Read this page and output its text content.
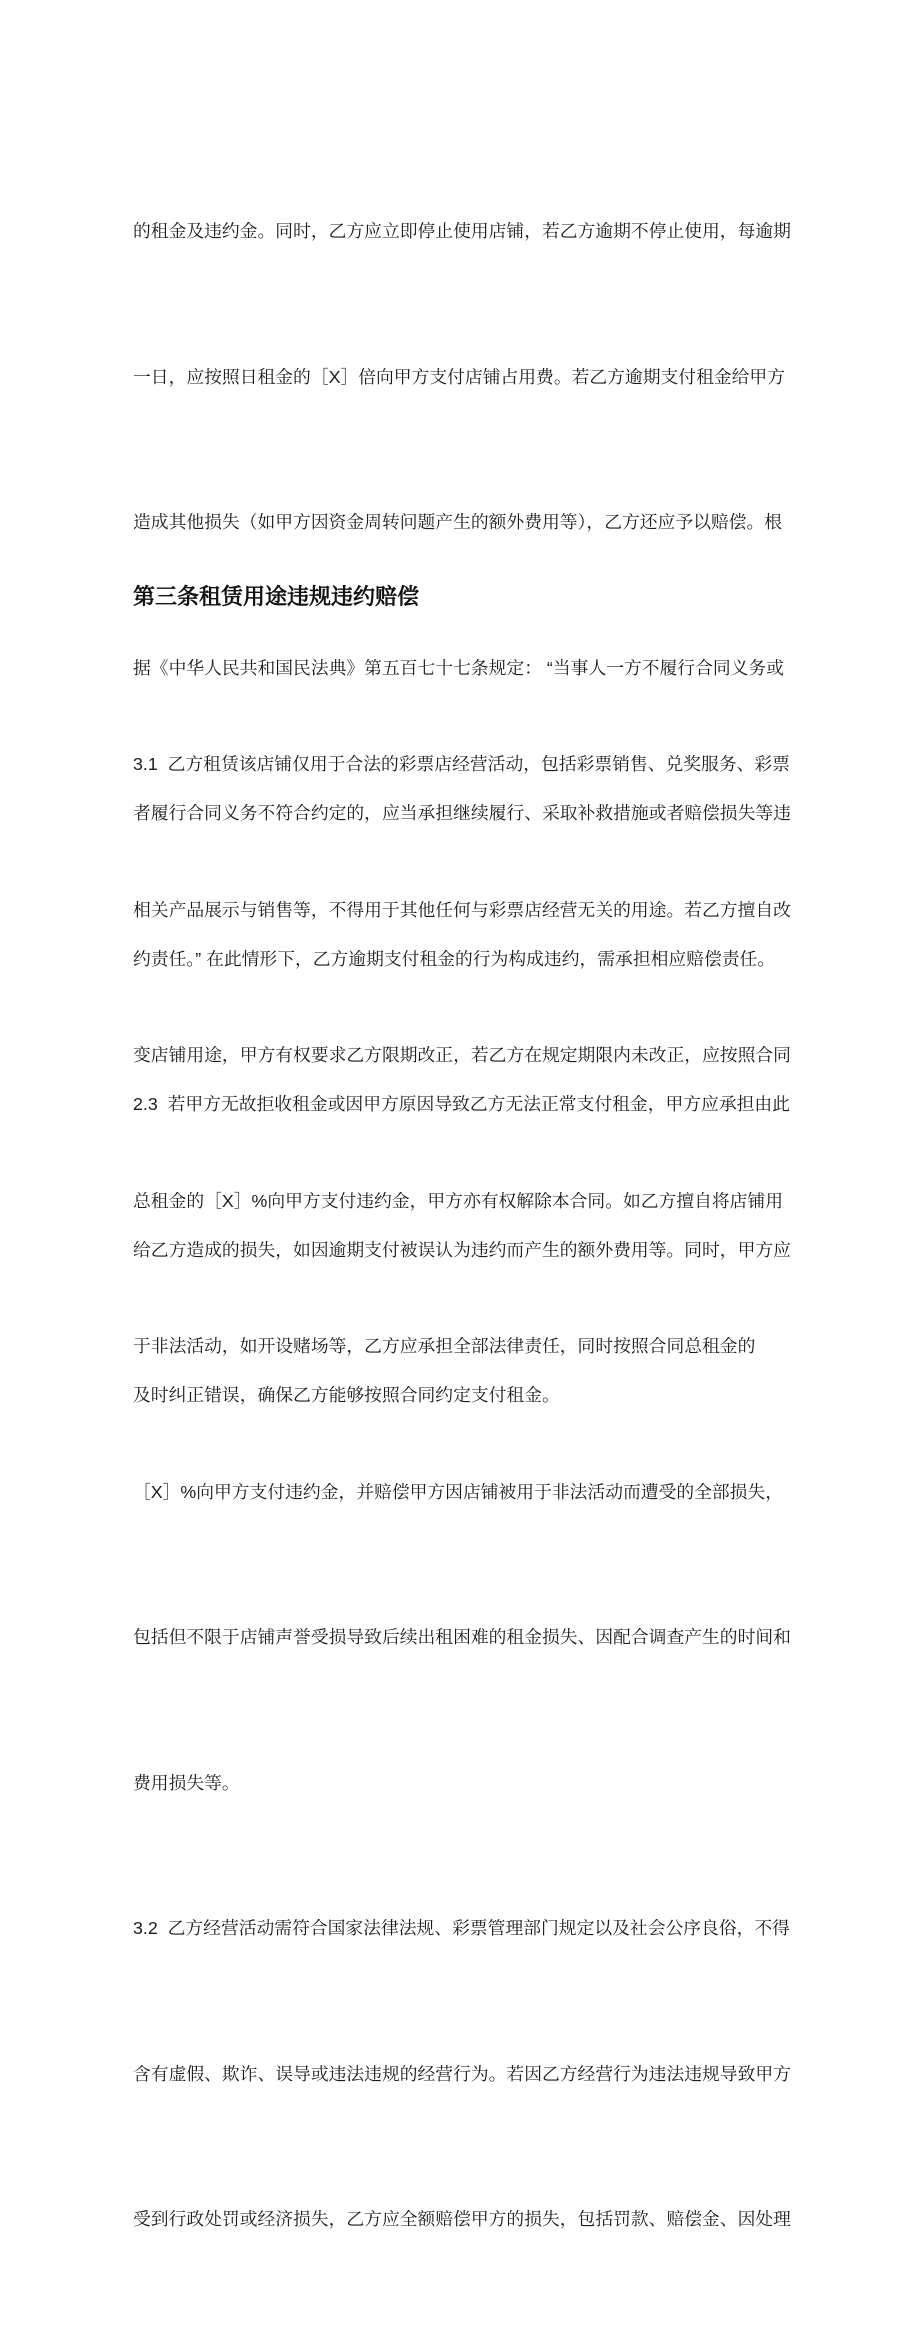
的租金及违约金。同时，乙方应立即停止使用店铺，若乙方逾期不停止使用，每逾期

一日，应按照日租金的［X］倍向甲方支付店铺占用费。若乙方逾期支付租金给甲方

造成其他损失（如甲方因资金周转问题产生的额外费用等），乙方还应予以赔偿。根

据《中华人民共和国民法典》第五百七十七条规定： “当事人一方不履行合同义务或

者履行合同义务不符合约定的，应当承担继续履行、采取补救措施或者赔偿损失等违

约责任。” 在此情形下，乙方逾期支付租金的行为构成违约，需承担相应赔偿责任。

2.3  若甲方无故拒收租金或因甲方原因导致乙方无法正常支付租金，甲方应承担由此

给乙方造成的损失，如因逾期支付被误认为违约而产生的额外费用等。同时，甲方应

及时纠正错误，确保乙方能够按照合同约定支付租金。

第三条租赁用途违规违约赔偿

3.1  乙方租赁该店铺仅用于合法的彩票店经营活动，包括彩票销售、兑奖服务、彩票

相关产品展示与销售等，不得用于其他任何与彩票店经营无关的用途。若乙方擅自改

变店铺用途，甲方有权要求乙方限期改正，若乙方在规定期限内未改正，应按照合同

总租金的［X］%向甲方支付违约金，甲方亦有权解除本合同。如乙方擅自将店铺用

于非法活动，如开设赌场等，乙方应承担全部法律责任，同时按照合同总租金的

［X］%向甲方支付违约金，并赔偿甲方因店铺被用于非法活动而遭受的全部损失，

包括但不限于店铺声誉受损导致后续出租困难的租金损失、因配合调查产生的时间和

费用损失等。

3.2  乙方经营活动需符合国家法律法规、彩票管理部门规定以及社会公序良俗，不得

含有虚假、欺诈、误导或违法违规的经营行为。若因乙方经营行为违法违规导致甲方

受到行政处罚或经济损失，乙方应全额赔偿甲方的损失，包括罚款、赔偿金、因处理
